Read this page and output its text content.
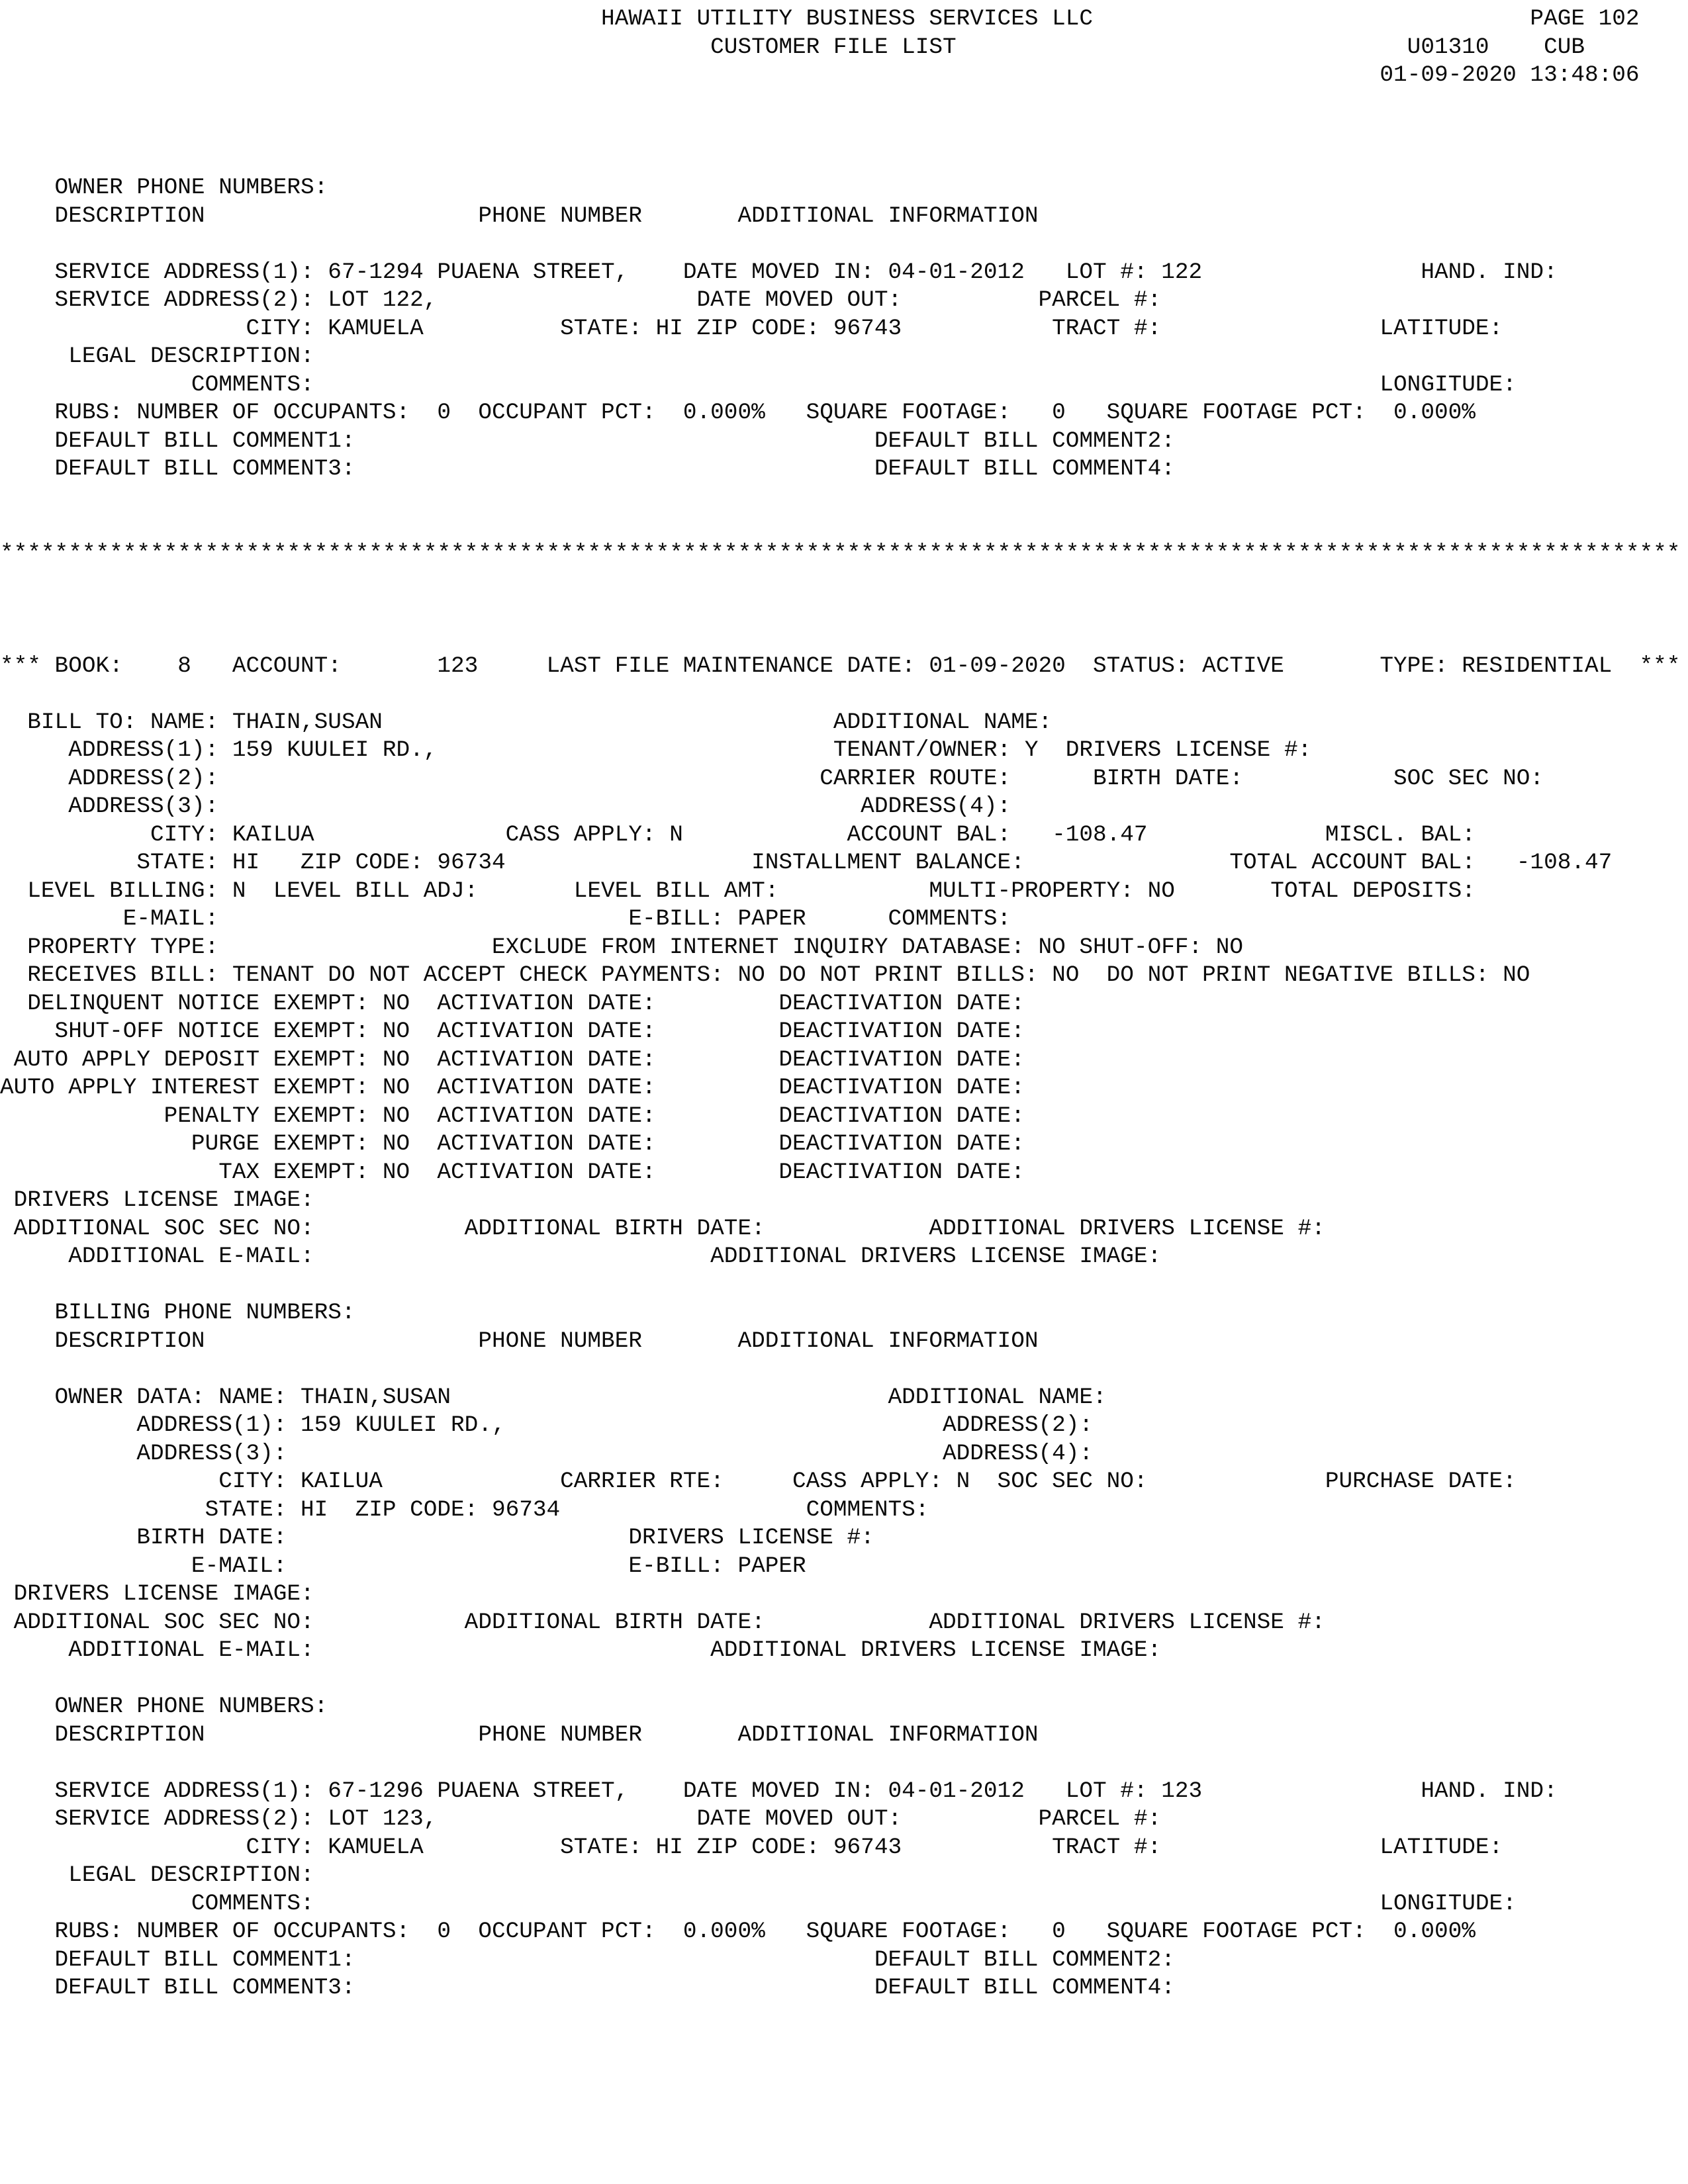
HAWAII UTILITY BUSINESS SERVICES LLC                                PAGE 102
CUSTOMER FILE LIST                                 U01310    CUB
01-09-2020 13:48:06

OWNER PHONE NUMBERS:
DESCRIPTION                    PHONE NUMBER       ADDITIONAL INFORMATION

SERVICE ADDRESS(1): 67-1294 PUAENA STREET,    DATE MOVED IN: 04-01-2012   LOT #: 122                HAND. IND:
SERVICE ADDRESS(2): LOT 122,                   DATE MOVED OUT:          PARCEL #:
CITY: KAMUELA          STATE: HI ZIP CODE: 96743           TRACT #:                LATITUDE:
LEGAL DESCRIPTION:
COMMENTS:                                                                              LONGITUDE:
RUBS: NUMBER OF OCCUPANTS:  0  OCCUPANT PCT:  0.000%   SQUARE FOOTAGE:   0   SQUARE FOOTAGE PCT:  0.000%
DEFAULT BILL COMMENT1:                                      DEFAULT BILL COMMENT2:
DEFAULT BILL COMMENT3:                                      DEFAULT BILL COMMENT4:

***************************************************************************************************************************

*** BOOK:    8   ACCOUNT:       123     LAST FILE MAINTENANCE DATE: 01-09-2020  STATUS: ACTIVE       TYPE: RESIDENTIAL  ***

BILL TO: NAME: THAIN,SUSAN                                 ADDITIONAL NAME:
ADDRESS(1): 159 KUULEI RD.,                             TENANT/OWNER: Y  DRIVERS LICENSE #:
ADDRESS(2):                                            CARRIER ROUTE:      BIRTH DATE:           SOC SEC NO:
ADDRESS(3):                                               ADDRESS(4):
CITY: KAILUA              CASS APPLY: N            ACCOUNT BAL:   -108.47             MISCL. BAL:
STATE: HI   ZIP CODE: 96734                  INSTALLMENT BALANCE:               TOTAL ACCOUNT BAL:   -108.47
LEVEL BILLING: N  LEVEL BILL ADJ:       LEVEL BILL AMT:           MULTI-PROPERTY: NO       TOTAL DEPOSITS:
E-MAIL:                              E-BILL: PAPER      COMMENTS:
PROPERTY TYPE:                    EXCLUDE FROM INTERNET INQUIRY DATABASE: NO SHUT-OFF: NO
RECEIVES BILL: TENANT DO NOT ACCEPT CHECK PAYMENTS: NO DO NOT PRINT BILLS: NO  DO NOT PRINT NEGATIVE BILLS: NO
DELINQUENT NOTICE EXEMPT: NO  ACTIVATION DATE:         DEACTIVATION DATE:
SHUT-OFF NOTICE EXEMPT: NO  ACTIVATION DATE:         DEACTIVATION DATE:
AUTO APPLY DEPOSIT EXEMPT: NO  ACTIVATION DATE:         DEACTIVATION DATE:
AUTO APPLY INTEREST EXEMPT: NO  ACTIVATION DATE:         DEACTIVATION DATE:
PENALTY EXEMPT: NO  ACTIVATION DATE:         DEACTIVATION DATE:
PURGE EXEMPT: NO  ACTIVATION DATE:         DEACTIVATION DATE:
TAX EXEMPT: NO  ACTIVATION DATE:         DEACTIVATION DATE:
DRIVERS LICENSE IMAGE:
ADDITIONAL SOC SEC NO:           ADDITIONAL BIRTH DATE:            ADDITIONAL DRIVERS LICENSE #:
ADDITIONAL E-MAIL:                             ADDITIONAL DRIVERS LICENSE IMAGE:

BILLING PHONE NUMBERS:
DESCRIPTION                    PHONE NUMBER       ADDITIONAL INFORMATION

OWNER DATA: NAME: THAIN,SUSAN                                ADDITIONAL NAME:
ADDRESS(1): 159 KUULEI RD.,                                ADDRESS(2):
ADDRESS(3):                                                ADDRESS(4):
CITY: KAILUA             CARRIER RTE:     CASS APPLY: N  SOC SEC NO:             PURCHASE DATE:
STATE: HI  ZIP CODE: 96734                  COMMENTS:
BIRTH DATE:                         DRIVERS LICENSE #:
E-MAIL:                         E-BILL: PAPER
DRIVERS LICENSE IMAGE:
ADDITIONAL SOC SEC NO:           ADDITIONAL BIRTH DATE:            ADDITIONAL DRIVERS LICENSE #:
ADDITIONAL E-MAIL:                             ADDITIONAL DRIVERS LICENSE IMAGE:

OWNER PHONE NUMBERS:
DESCRIPTION                    PHONE NUMBER       ADDITIONAL INFORMATION

SERVICE ADDRESS(1): 67-1296 PUAENA STREET,    DATE MOVED IN: 04-01-2012   LOT #: 123                HAND. IND:
SERVICE ADDRESS(2): LOT 123,                   DATE MOVED OUT:          PARCEL #:
CITY: KAMUELA          STATE: HI ZIP CODE: 96743           TRACT #:                LATITUDE:
LEGAL DESCRIPTION:
COMMENTS:                                                                              LONGITUDE:
RUBS: NUMBER OF OCCUPANTS:  0  OCCUPANT PCT:  0.000%   SQUARE FOOTAGE:   0   SQUARE FOOTAGE PCT:  0.000%
DEFAULT BILL COMMENT1:                                      DEFAULT BILL COMMENT2:
DEFAULT BILL COMMENT3:                                      DEFAULT BILL COMMENT4:
